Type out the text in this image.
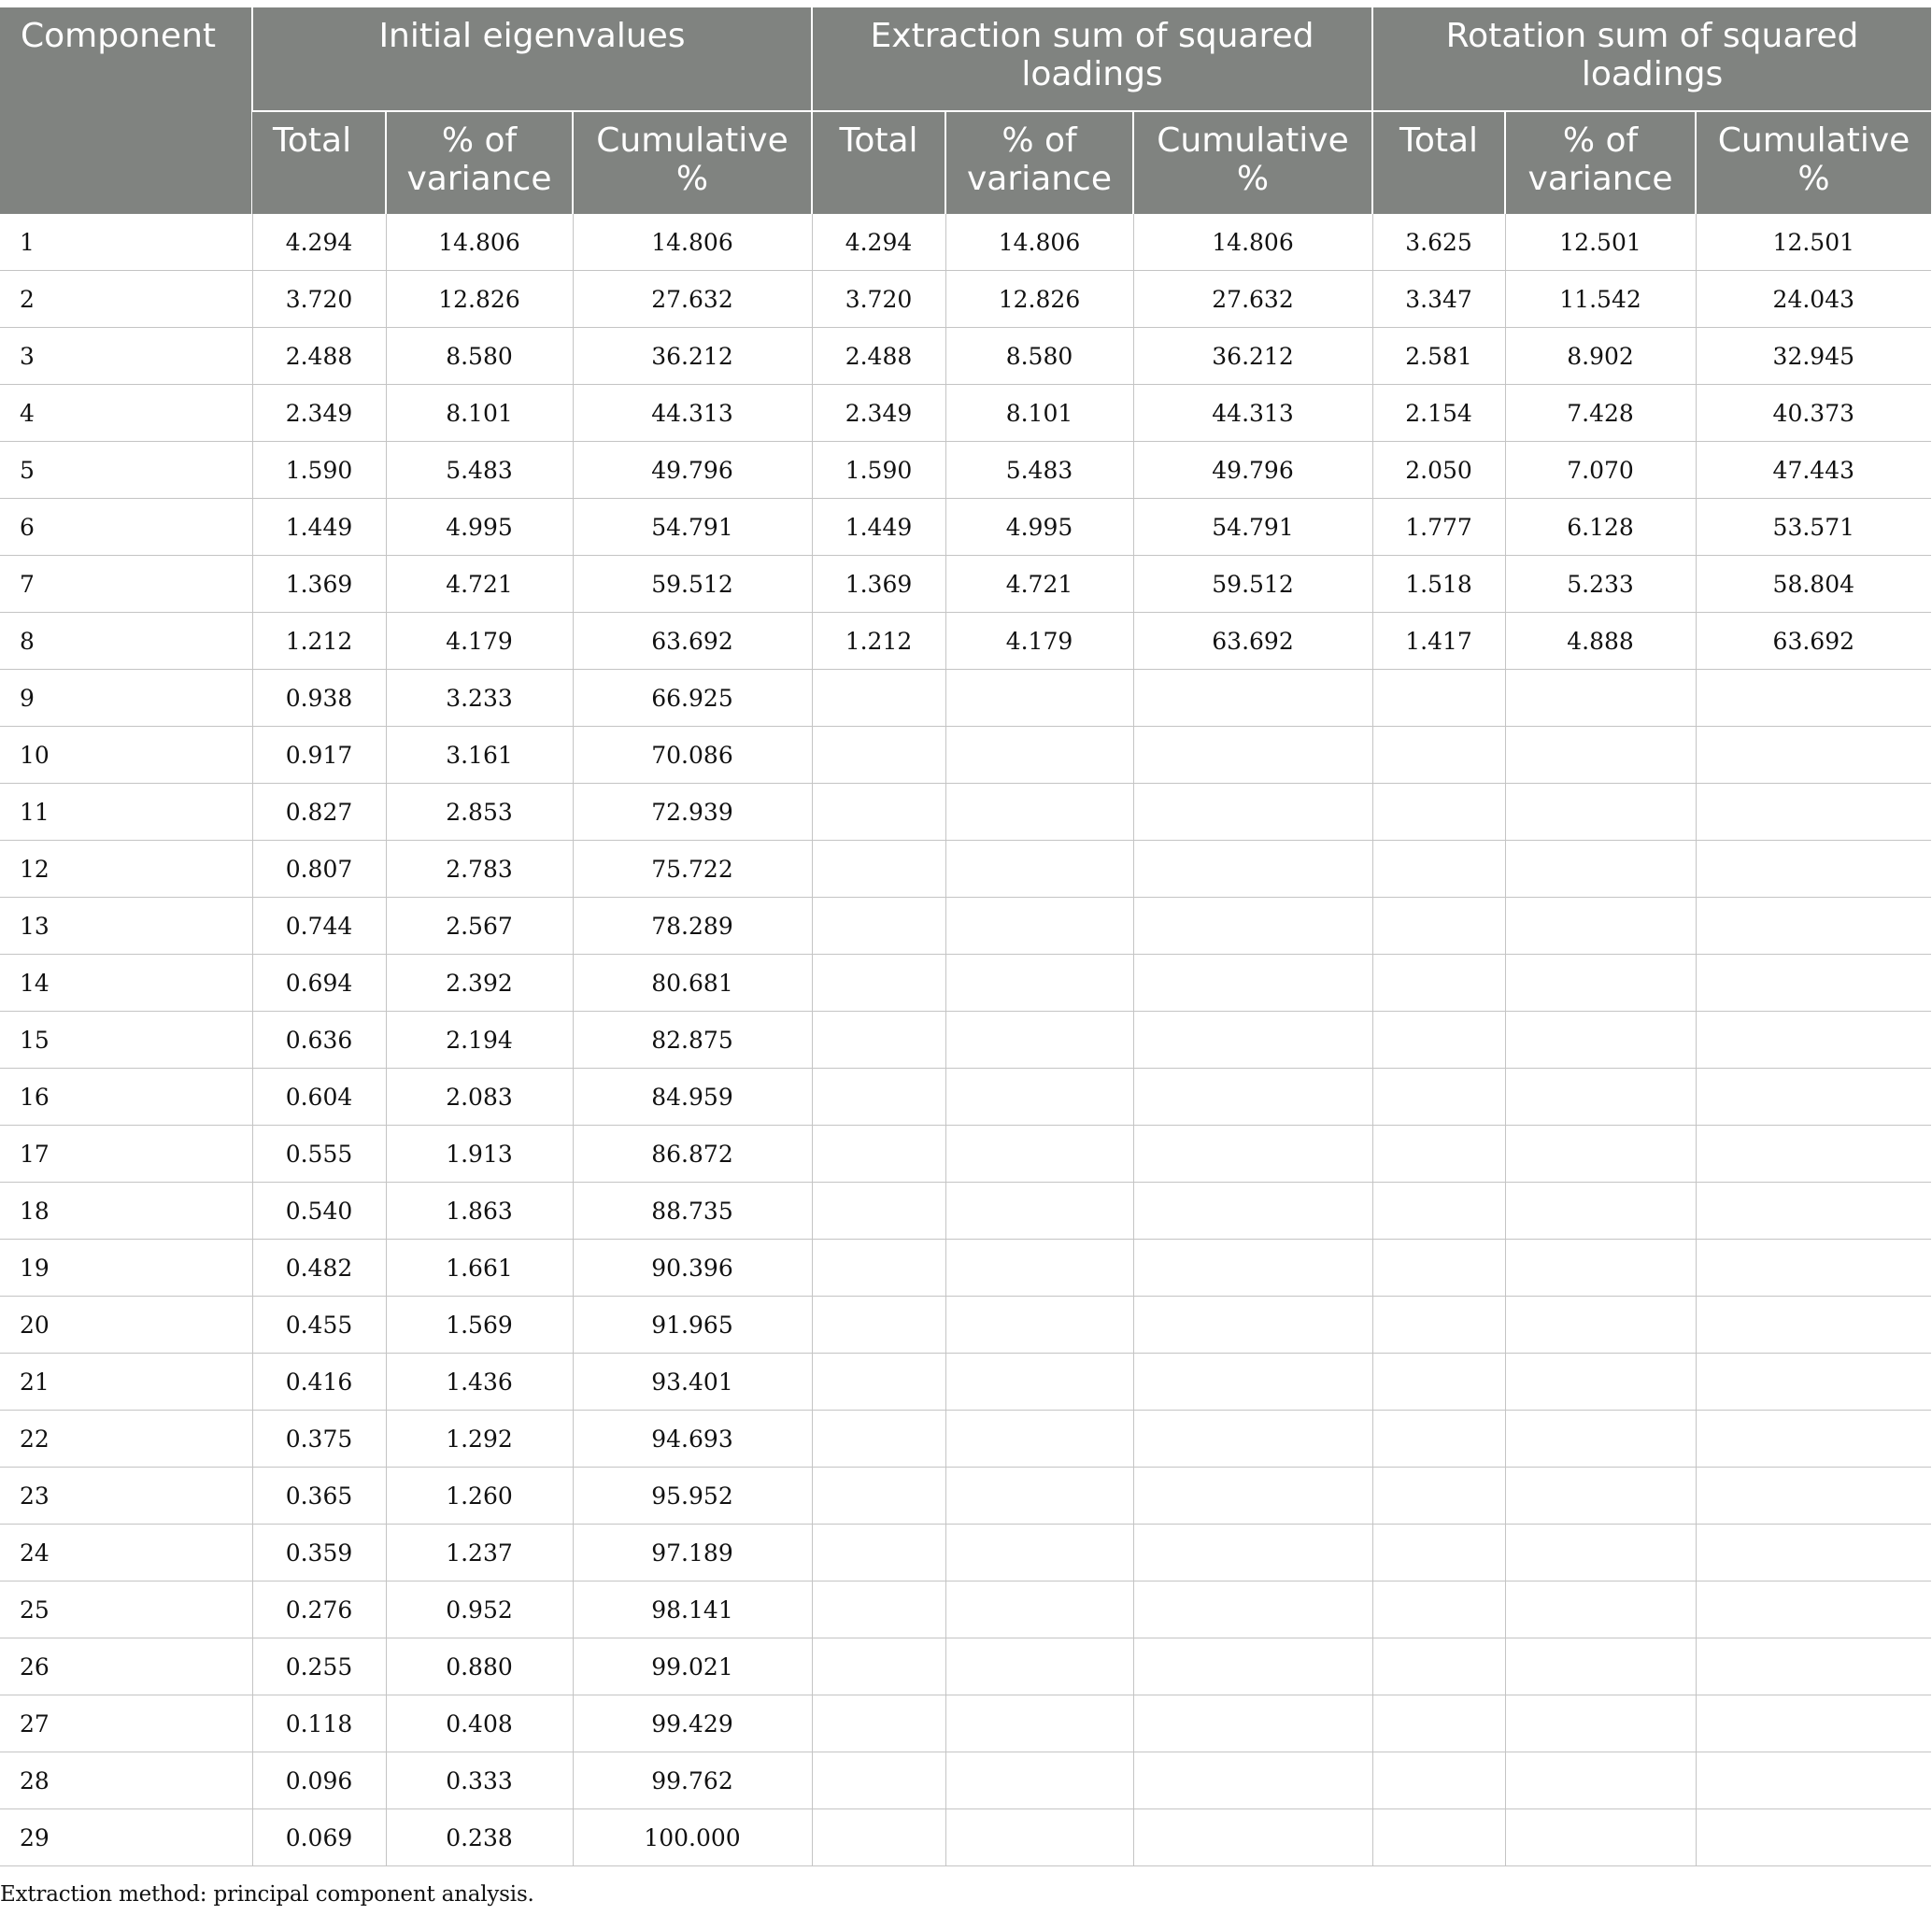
Component	Initial eigenvalues			Extraction sum of squared loadings			Rotation sum of squared loadings		
	Total	% of variance	Cumulative %	Total	% of variance	Cumulative %	Total	% of variance	Cumulative %
1	4.294	14.806	14.806	4.294	14.806	14.806	3.625	12.501	12.501
2	3.720	12.826	27.632	3.720	12.826	27.632	3.347	11.542	24.043
3	2.488	8.580	36.212	2.488	8.580	36.212	2.581	8.902	32.945
4	2.349	8.101	44.313	2.349	8.101	44.313	2.154	7.428	40.373
5	1.590	5.483	49.796	1.590	5.483	49.796	2.050	7.070	47.443
6	1.449	4.995	54.791	1.449	4.995	54.791	1.777	6.128	53.571
7	1.369	4.721	59.512	1.369	4.721	59.512	1.518	5.233	58.804
8	1.212	4.179	63.692	1.212	4.179	63.692	1.417	4.888	63.692
9	0.938	3.233	66.925						
10	0.917	3.161	70.086						
11	0.827	2.853	72.939						
12	0.807	2.783	75.722						
13	0.744	2.567	78.289						
14	0.694	2.392	80.681						
15	0.636	2.194	82.875						
16	0.604	2.083	84.959						
17	0.555	1.913	86.872						
18	0.540	1.863	88.735						
19	0.482	1.661	90.396						
20	0.455	1.569	91.965						
21	0.416	1.436	93.401						
22	0.375	1.292	94.693						
23	0.365	1.260	95.952						
24	0.359	1.237	97.189						
25	0.276	0.952	98.141						
26	0.255	0.880	99.021						
27	0.118	0.408	99.429						
28	0.096	0.333	99.762						
29	0.069	0.238	100.000						
Extraction method: principal component analysis.
